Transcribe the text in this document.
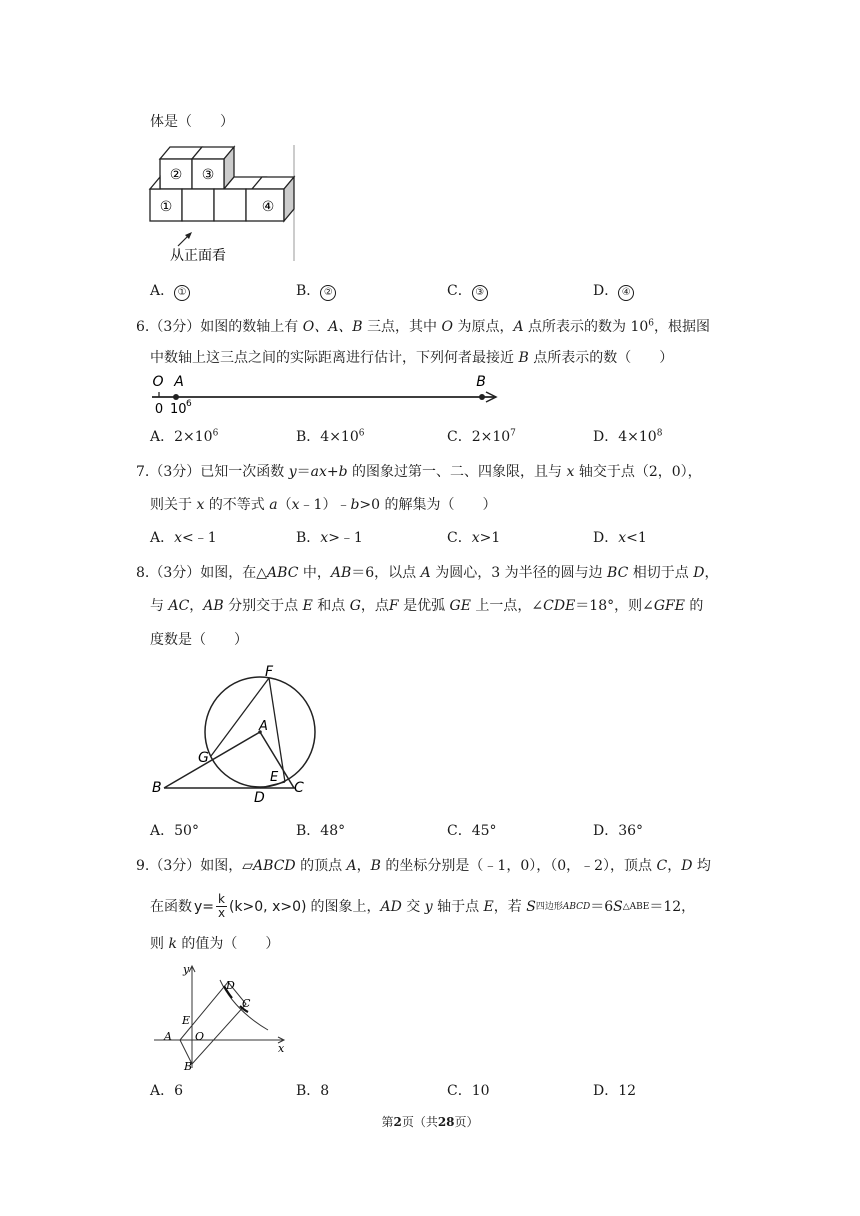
体是（　　）
② ③
①	④
从正面看
A． ①	B． ②	C． ③	D． ④
6.（3分）如图的数轴上有 O、A、B 三点，其中 O 为原点，A 点所表示的数为 $10^6$，根据图
中数轴上这三点之间的实际距离进行估计，下列何者最接近 B 点所表示的数（　　）
O A	B
0 10 6
A．$2\times 10^6$	B．$4\times 10^6$	C．$2\times 10^7$	D．$4\times 10^8$
7.（3分）已知一次函数 y＝ax+b 的图象过第一、二、四象限，且与 x 轴交于点（2，0），
则关于 x 的不等式 a（x﹣1）﹣b>0 的解集为（　　）
A．x<﹣1	B．x>﹣1	C．x>1	D．x<1
8.（3分）如图，在△ABC 中，AB＝6，以点 A 为圆心，3 为半径的圆与边 BC 相切于点 D，
与 AC，AB 分别交于点 E 和点 G，点F 是优弧 GE 上一点，∠CDE＝18°，则∠GFE 的
度数是（　　）
F
A
G
E
B
D
C
A．50°	B．48°	C．45°	D．36°
9.（3分）如图，▱ABCD 的顶点 A，B 的坐标分别是（﹣1，0），（0，﹣2），顶点 C，D 均
在函数 $y= \frac{k}{x} (k>0$, x>0) 的图象上， AD
交
y
轴于点
E ，若
S 四边形 ABCD ＝6 S △ABE ＝12，
则 k 的值为（　　）
y
x
D
C
E
A O
B
A．6	B．8	C．10	D．12
第2页（共28页）
